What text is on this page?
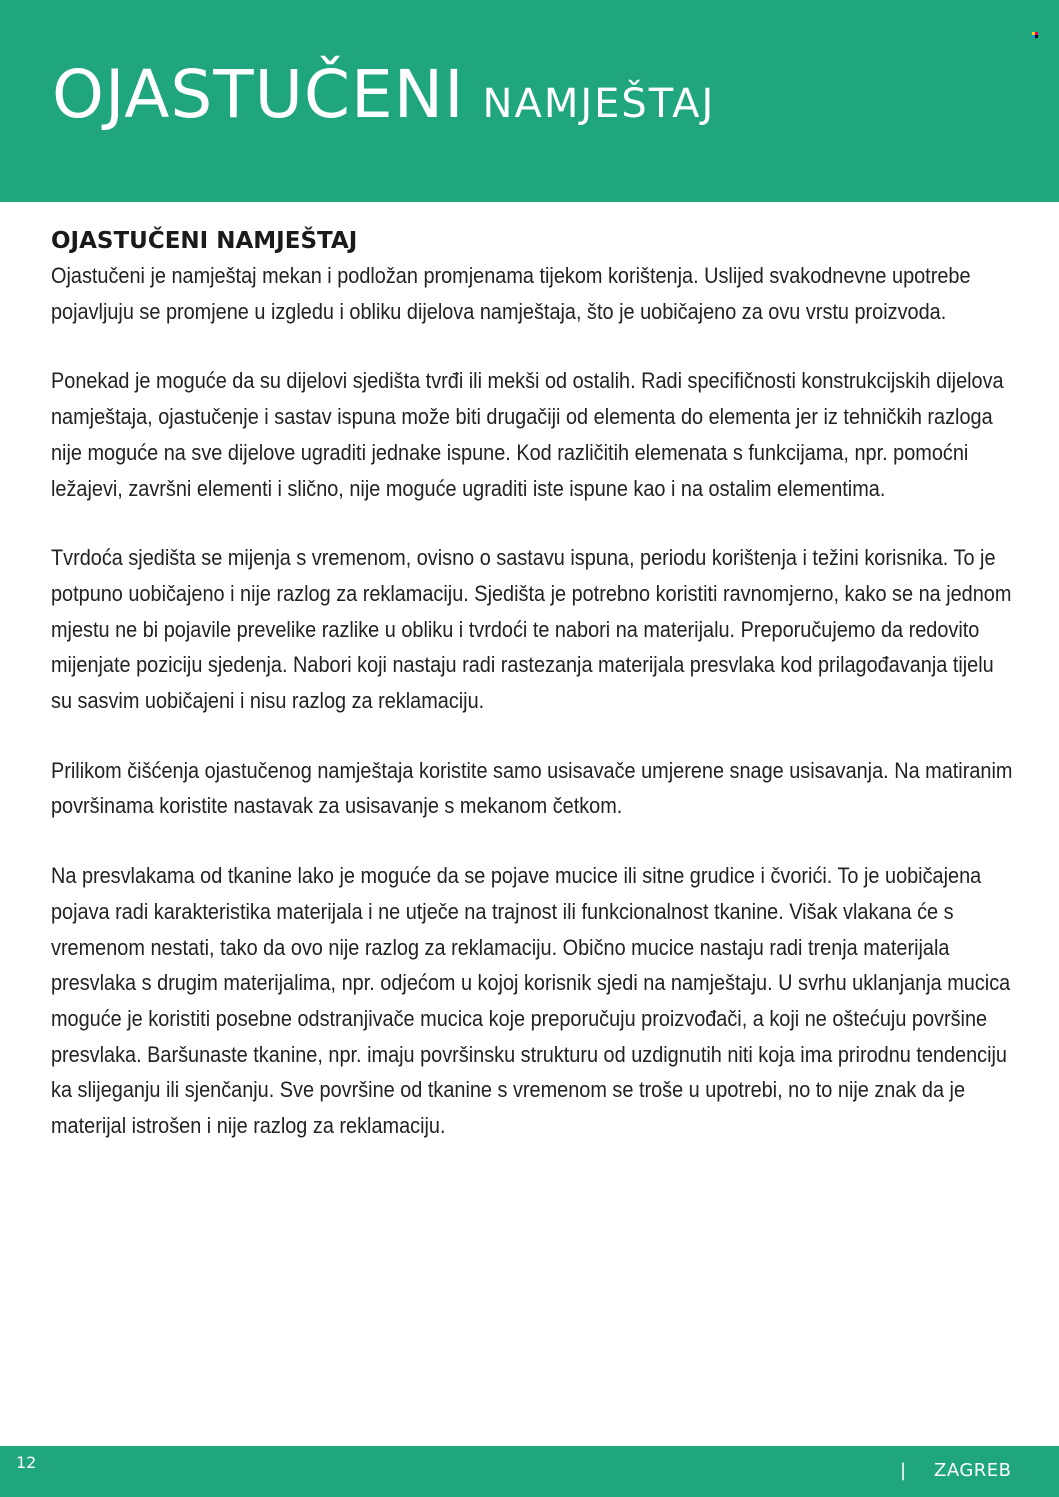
OJASTUČENI NAMJEŠTAJ
OJASTUČENI NAMJEŠTAJ

Ojastučeni je namještaj mekan i podložan promjenama tijekom korištenja. Uslijed svakodnevne upotrebe pojavljuju se promjene u izgledu i obliku dijelova namještaja, što je uobičajeno za ovu vrstu proizvoda.

Ponekad je moguće da su dijelovi sjedišta tvrđi ili mekši od ostalih. Radi specifičnosti konstrukcijskih dijelova namještaja, ojastučenje i sastav ispuna može biti drugačiji od elementa do elementa jer iz tehničkih razloga nije moguće na sve dijelove ugraditi jednake ispune. Kod različitih elemenata s funkcijama, npr. pomoćni ležajevi, završni elementi i slično, nije moguće ugraditi iste ispune kao i na ostalim elementima.

Tvrdoća sjedišta se mijenja s vremenom, ovisno o sastavu ispuna, periodu korištenja i težini korisnika. To je potpuno uobičajeno i nije razlog za reklamaciju. Sjedišta je potrebno koristiti ravnomjerno, kako se na jednom mjestu ne bi pojavile prevelike razlike u obliku i tvrdoći te nabori na materijalu. Preporučujemo da redovito mijenjate poziciju sjedenja. Nabori koji nastaju radi rastezanja materijala presvlaka kod prilagođavanja tijelu su sasvim uobičajeni i nisu razlog za reklamaciju.

Prilikom čišćenja ojastučenog namještaja koristite samo usisavače umjerene snage usisavanja. Na matiranim površinama koristite nastavak za usisavanje s mekanom četkom.

Na presvlakama od tkanine lako je moguće da se pojave mucice ili sitne grudice i čvorići. To je uobičajena pojava radi karakteristika materijala i ne utječe na trajnost ili funkcionalnost tkanine. Višak vlakana će s vremenom nestati, tako da ovo nije razlog za reklamaciju. Obično mucice nastaju radi trenja materijala presvlaka s drugim materijalima, npr. odjećom u kojoj korisnik sjedi na namještaju. U svrhu uklanjanja mucica moguće je koristiti posebne odstranjivače mucica koje preporučuju proizvođači, a koji ne oštećuju površine presvlaka. Baršunaste tkanine, npr. imaju površinsku strukturu od uzdignutih niti koja ima prirodnu tendenciju ka slijeganju ili sjenčanju. Sve površine od tkanine s vremenom se troše u upotrebi, no to nije znak da je materijal istrošen i nije razlog za reklamaciju.

12	| ZAGREB
